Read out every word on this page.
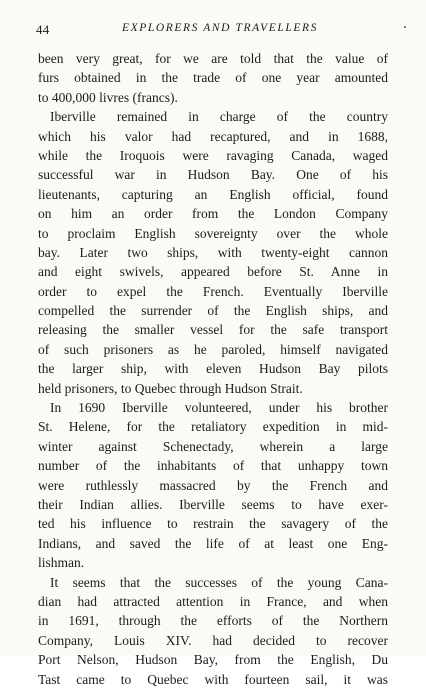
44	EXPLORERS AND TRAVELLERS
been very great, for we are told that the value of
furs obtained in the trade of one year amounted
to 400,000 livres (francs).
Iberville remained in charge of the country
which his valor had recaptured, and in 1688,
while the Iroquois were ravaging Canada, waged
successful war in Hudson Bay. One of his
lieutenants, capturing an English official, found
on him an order from the London Company
to proclaim English sovereignty over the whole
bay. Later two ships, with twenty-eight cannon
and eight swivels, appeared before St. Anne in
order to expel the French. Eventually Iberville
compelled the surrender of the English ships, and
releasing the smaller vessel for the safe transport
of such prisoners as he paroled, himself navigated
the larger ship, with eleven Hudson Bay pilots
held prisoners, to Quebec through Hudson Strait.
In 1690 Iberville volunteered, under his brother
St. Helene, for the retaliatory expedition in mid-
winter against Schenectady, wherein a large
number of the inhabitants of that unhappy town
were ruthlessly massacred by the French and
their Indian allies. Iberville seems to have exer-
ted his influence to restrain the savagery of the
Indians, and saved the life of at least one Eng-
lishman.
It seems that the successes of the young Cana-
dian had attracted attention in France, and when
in 1691, through the efforts of the Northern
Company, Louis XIV. had decided to recover
Port Nelson, Hudson Bay, from the English, Du
Tast came to Quebec with fourteen sail, it was
